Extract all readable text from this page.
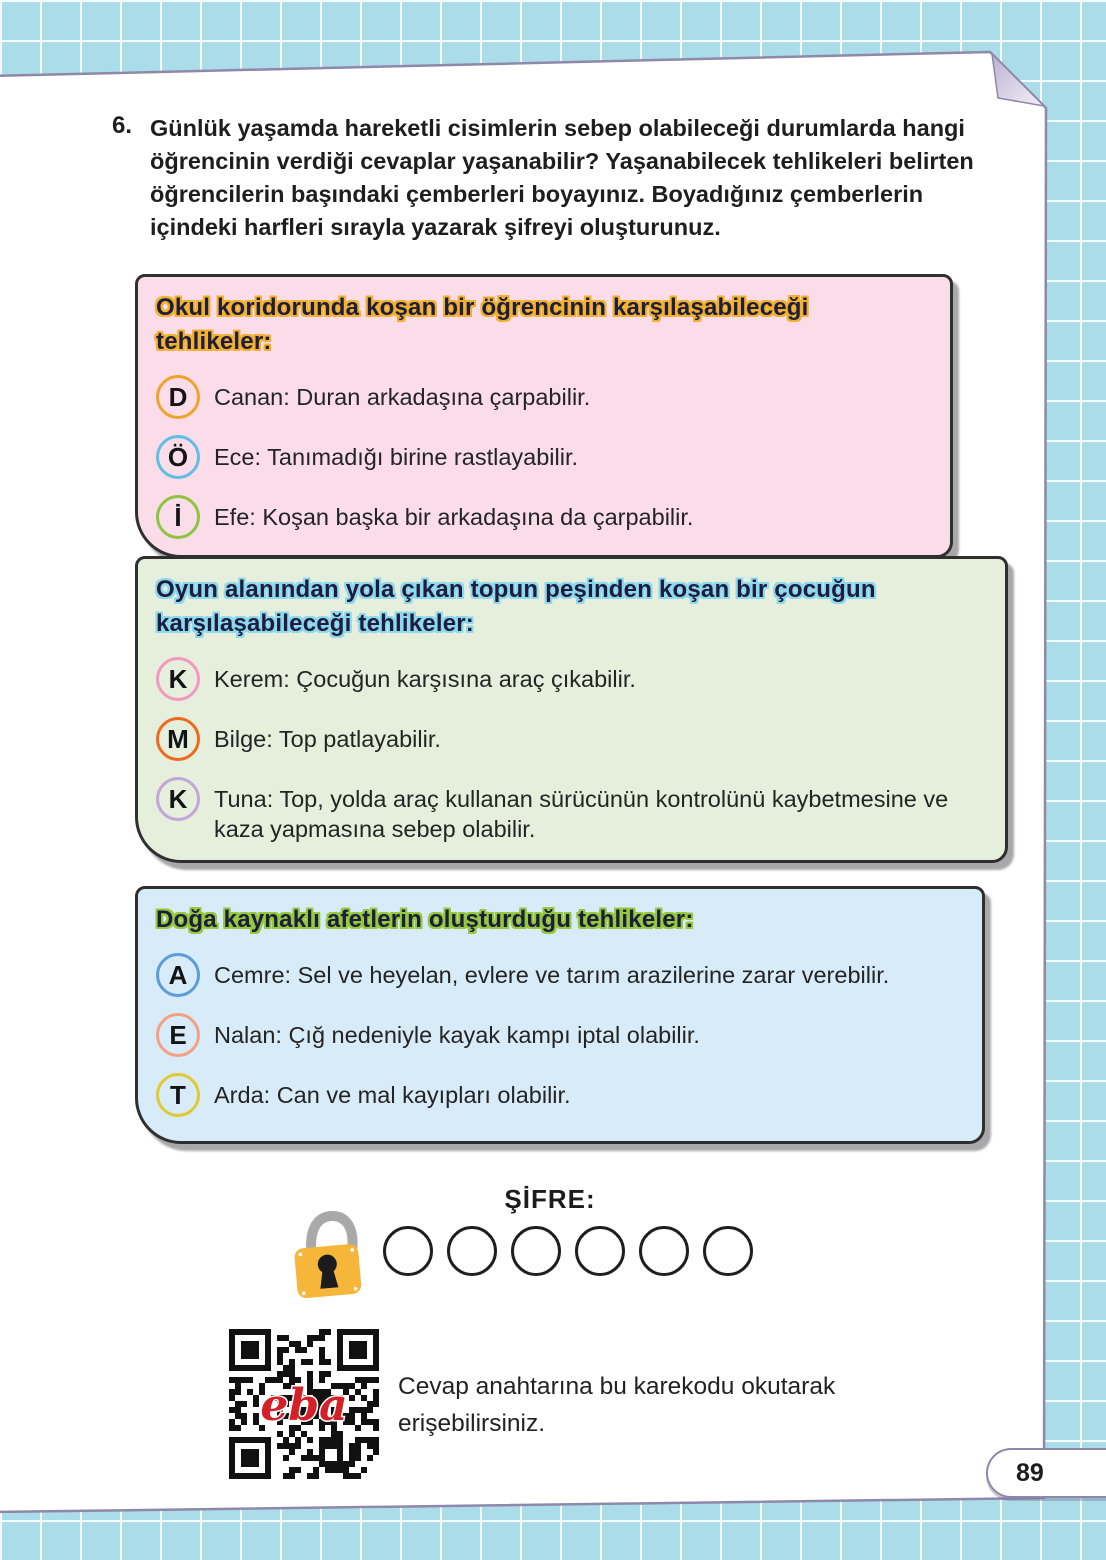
6. Günlük yaşamda hareketli cisimlerin sebep olabileceği durumlarda hangi öğrencinin verdiği cevaplar yaşanabilir? Yaşanabilecek tehlikeleri belirten öğrencilerin başındaki çemberleri boyayınız. Boyadığınız çemberlerin içindeki harfleri sırayla yazarak şifreyi oluşturunuz.
Okul koridorunda koşan bir öğrencinin karşılaşabileceği tehlikeler:
D	Canan: Duran arkadaşına çarpabilir.
Ö	Ece: Tanımadığı birine rastlayabilir.
İ	Efe: Koşan başka bir arkadaşına da çarpabilir.
Oyun alanından yola çıkan topun peşinden koşan bir çocuğun karşılaşabileceği tehlikeler:
K	Kerem: Çocuğun karşısına araç çıkabilir.
M	Bilge: Top patlayabilir.
K	Tuna: Top, yolda araç kullanan sürücünün kontrolünü kaybetmesine ve kaza yapmasına sebep olabilir.
Doğa kaynaklı afetlerin oluşturduğu tehlikeler:
A	Cemre: Sel ve heyelan, evlere ve tarım arazilerine zarar verebilir.
E	Nalan: Çığ nedeniyle kayak kampı iptal olabilir.
T	Arda: Can ve mal kayıpları olabilir.
ŞİFRE:
eba Cevap anahtarına bu karekodu okutarak erişebilirsiniz.
89
